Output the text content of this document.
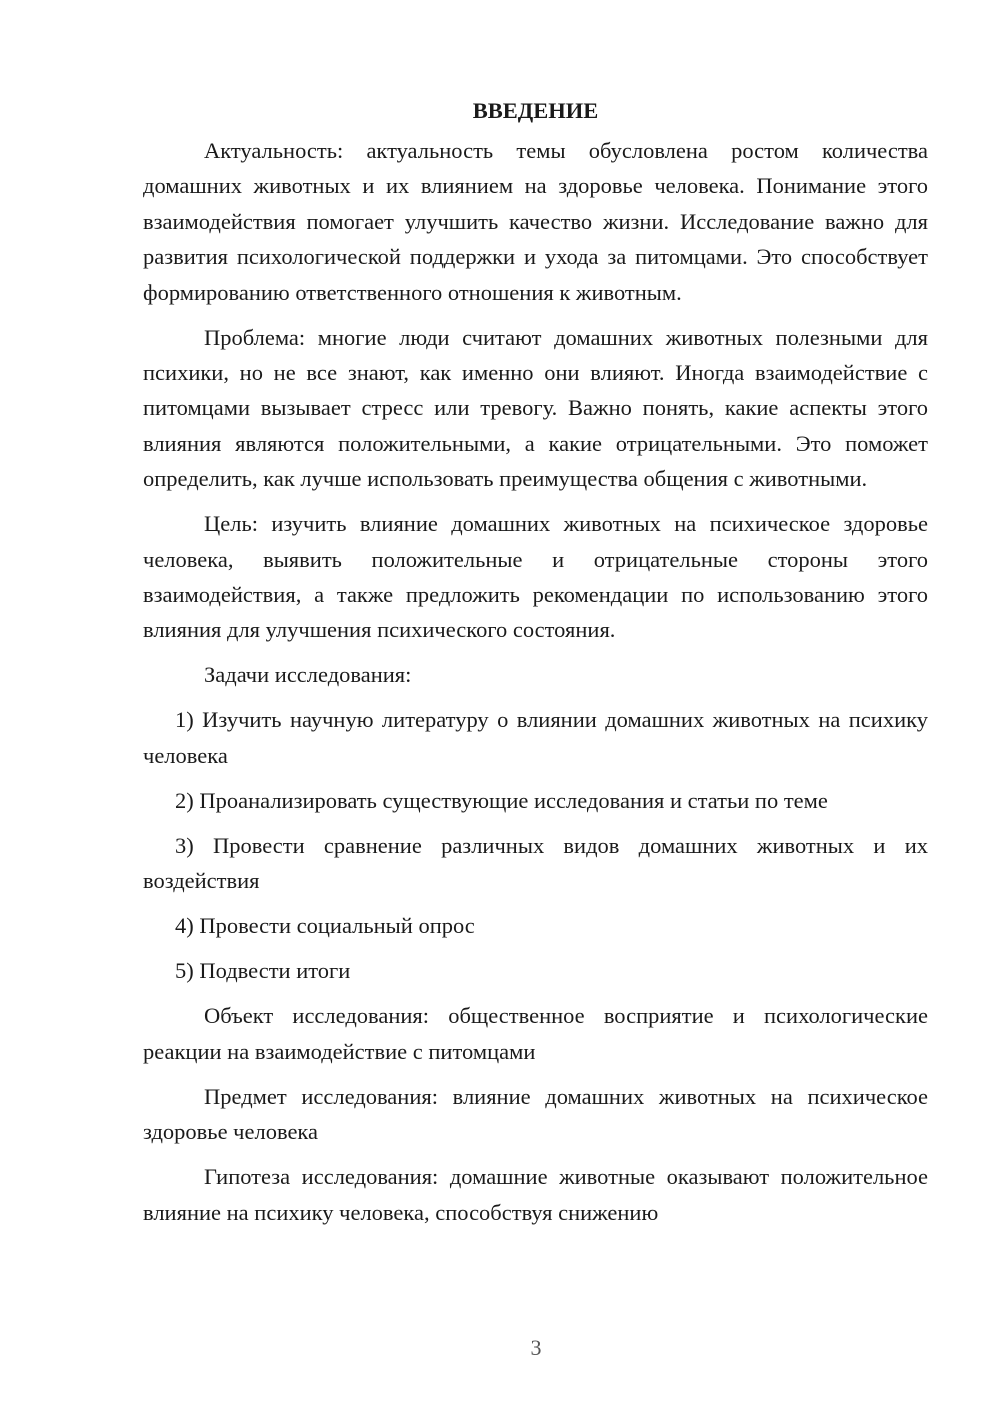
ВВЕДЕНИЕ

Актуальность: актуальность темы обусловлена ростом количества домашних животных и их влиянием на здоровье человека. Понимание этого взаимодействия помогает улучшить качество жизни. Исследование важно для развития психологической поддержки и ухода за питомцами. Это способствует формированию ответственного отношения к животным.

Проблема: многие люди считают домашних животных полезными для психики, но не все знают, как именно они влияют. Иногда взаимодействие с питомцами вызывает стресс или тревогу. Важно понять, какие аспекты этого влияния являются положительными, а какие отрицательными. Это поможет определить, как лучше использовать преимущества общения с животными.

Цель: изучить влияние домашних животных на психическое здоровье человека, выявить положительные и отрицательные стороны этого взаимодействия, а также предложить рекомендации по использованию этого влияния для улучшения психического состояния.

Задачи исследования:

1) Изучить научную литературу о влиянии домашних животных на психику человека

2) Проанализировать существующие исследования и статьи по теме

3) Провести сравнение различных видов домашних животных и их воздействия

4) Провести социальный опрос

5) Подвести итоги

Объект исследования: общественное восприятие и психологические реакции на взаимодействие с питомцами

Предмет исследования: влияние домашних животных на психическое здоровье человека

Гипотеза исследования: домашние животные оказывают положительное влияние на психику человека, способствуя снижению

3
